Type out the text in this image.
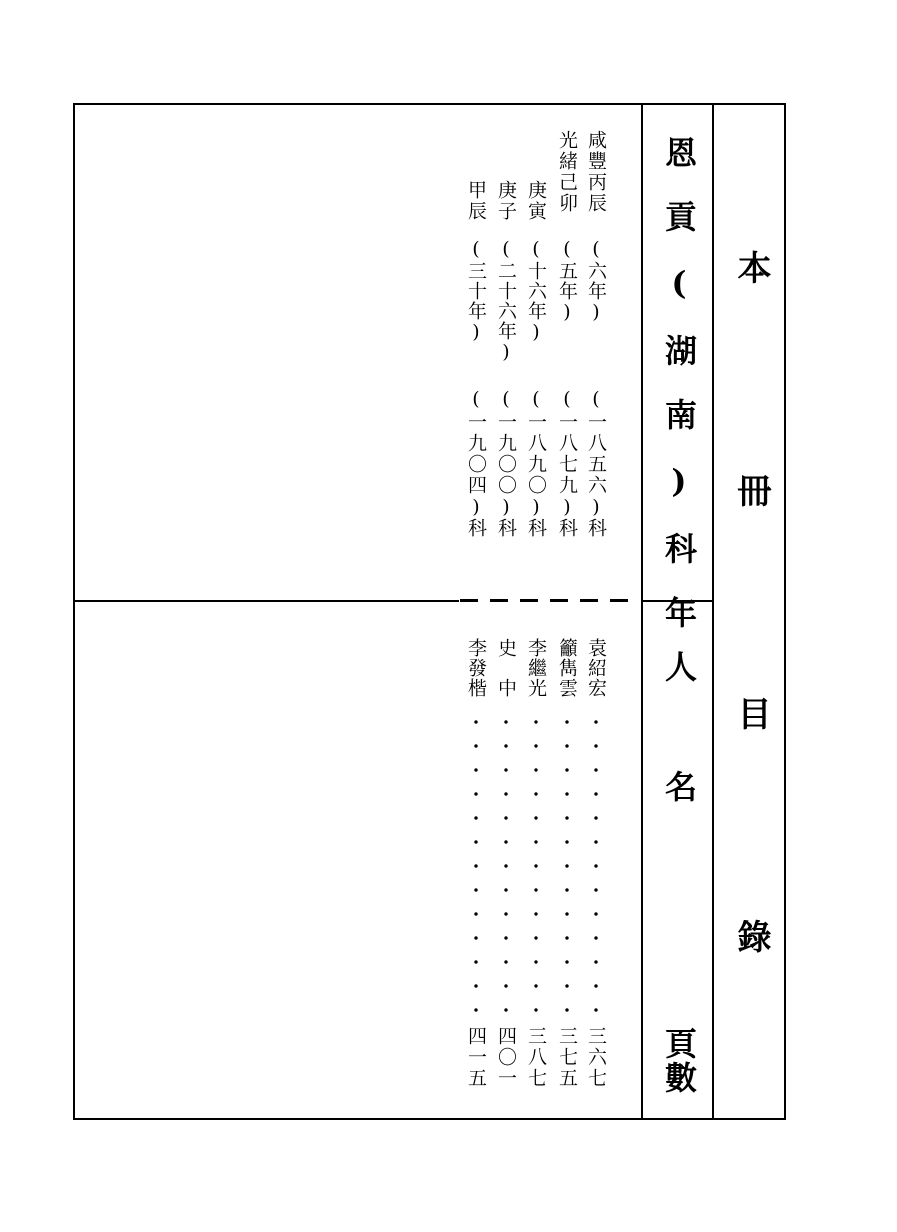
本冊目錄
恩貢(湖南)科年
人名
頁數
咸豐丙辰
(六年)
(一八五六)
科
袁紹宏
三六七
光緒己卯
(五年)
(一八七九)
科
籲雋雲
三七五
庚寅
(十六年)
(一八九〇)
科
李繼光
三八七
庚子
(二十六年)
(一九〇〇)
科
史　中
四〇一
甲辰
(三十年)
(一九〇四)
科
李發楷
四一五
